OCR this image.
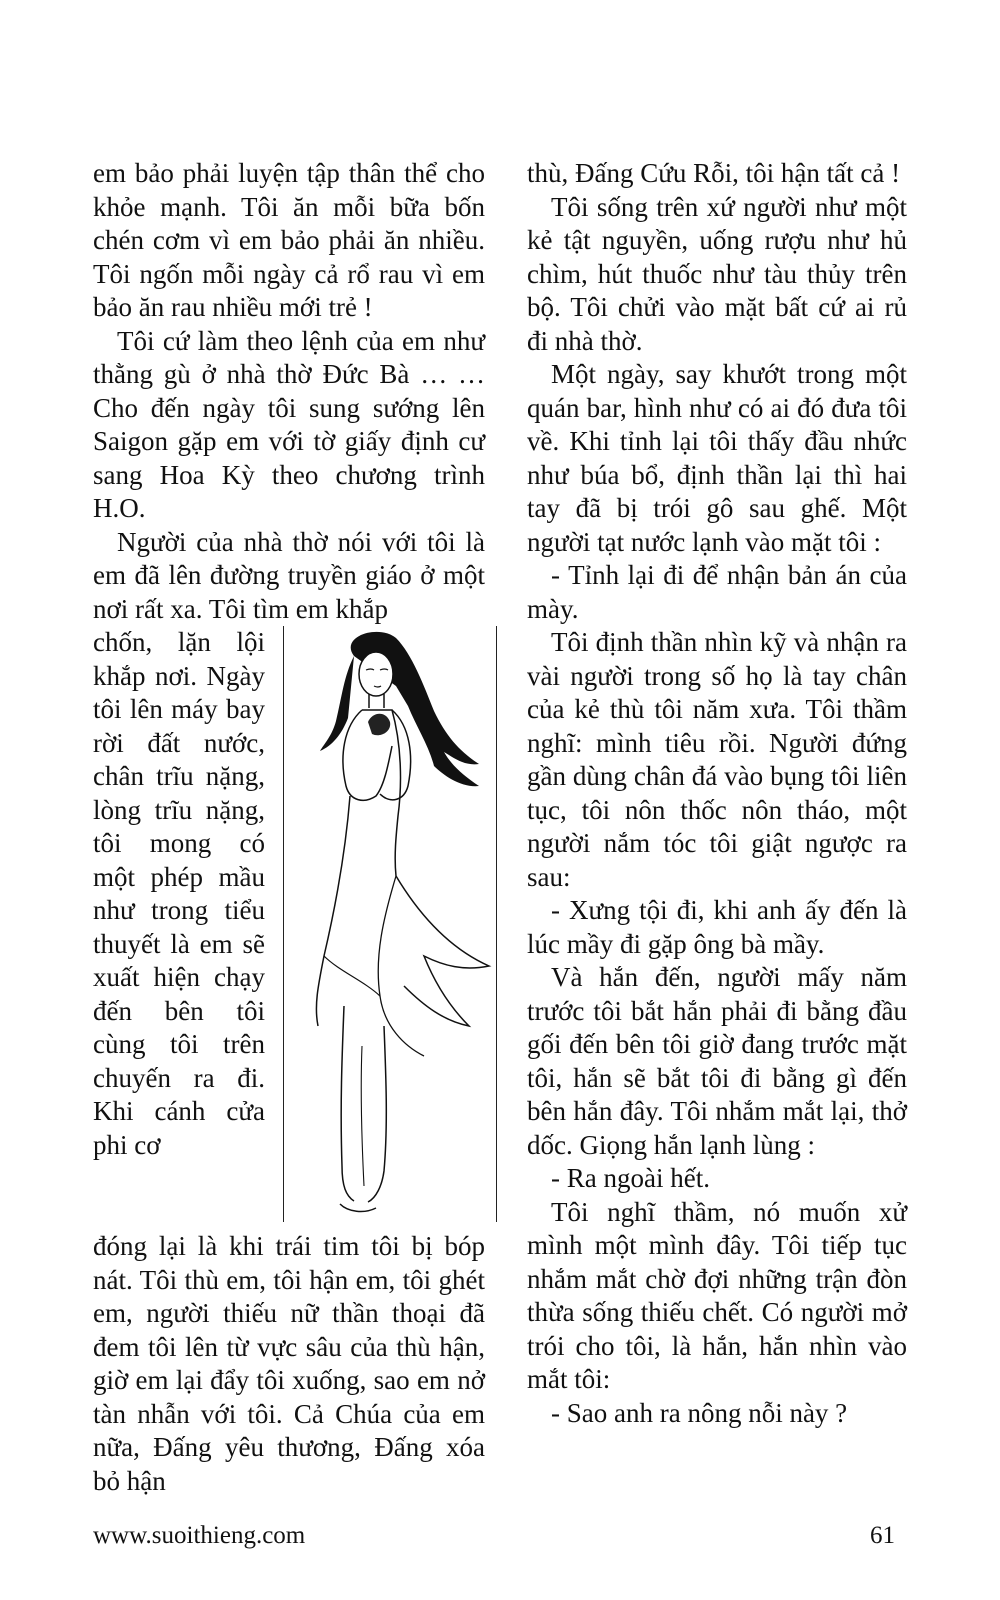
em bảo phải luyện tập thân thể cho khỏe mạnh. Tôi ăn mỗi bữa bốn chén cơm vì em bảo phải ăn nhiều. Tôi ngốn mỗi ngày cả rổ rau vì em bảo ăn rau nhiều mới trẻ !

Tôi cứ làm theo lệnh của em như thằng gù ở nhà thờ Đức Bà … … Cho đến ngày tôi sung sướng lên Saigon gặp em với tờ giấy định cư sang Hoa Kỳ theo chương trình H.O.

Người của nhà thờ nói với tôi là em đã lên đường truyền giáo ở một nơi rất xa. Tôi tìm em khắp

chốn, lặn lội khắp nơi. Ngày tôi lên máy bay rời đất nước, chân trĩu nặng, lòng trĩu nặng, tôi mong có một phép mầu như trong tiểu thuyết là em sẽ xuất hiện chạy đến bên tôi cùng tôi trên chuyến ra đi. Khi cánh cửa phi cơ

đóng lại là khi trái tim tôi bị bóp nát. Tôi thù em, tôi hận em, tôi ghét em, người thiếu nữ thần thoại đã đem tôi lên từ vực sâu của thù hận, giờ em lại đẩy tôi xuống, sao em nở tàn nhẫn với tôi. Cả Chúa của em nữa, Đấng yêu thương, Đấng xóa bỏ hận

thù, Đấng Cứu Rỗi, tôi hận tất cả !

Tôi sống trên xứ người như một kẻ tật nguyền, uống rượu như hủ chìm, hút thuốc như tàu thủy trên bộ. Tôi chửi vào mặt bất cứ ai rủ đi nhà thờ.

Một ngày, say khướt trong một quán bar, hình như có ai đó đưa tôi về. Khi tỉnh lại tôi thấy đầu nhức như búa bổ, định thần lại thì hai tay đã bị trói gô sau ghế. Một người tạt nước lạnh vào mặt tôi :

- Tỉnh lại đi để nhận bản án của mày.

Tôi định thần nhìn kỹ và nhận ra vài người trong số họ là tay chân của kẻ thù tôi năm xưa. Tôi thầm nghĩ: mình tiêu rồi. Người đứng gần dùng chân đá vào bụng tôi liên tục, tôi nôn thốc nôn tháo, một người nắm tóc tôi giật ngược ra sau:

- Xưng tội đi, khi anh ấy đến là lúc mầy đi gặp ông bà mầy.

Và hắn đến, người mấy năm trước tôi bắt hắn phải đi bằng đầu gối đến bên tôi giờ đang trước mặt tôi, hắn sẽ bắt tôi đi bằng gì đến bên hắn đây. Tôi nhắm mắt lại, thở dốc. Giọng hắn lạnh lùng :

- Ra ngoài hết.

Tôi nghĩ thầm, nó muốn xử mình một mình đây. Tôi tiếp tục nhắm mắt chờ đợi những trận đòn thừa sống thiếu chết. Có người mở trói cho tôi, là hắn, hắn nhìn vào mắt tôi:

- Sao anh ra nông nỗi này ?

www.suoithieng.com	61
